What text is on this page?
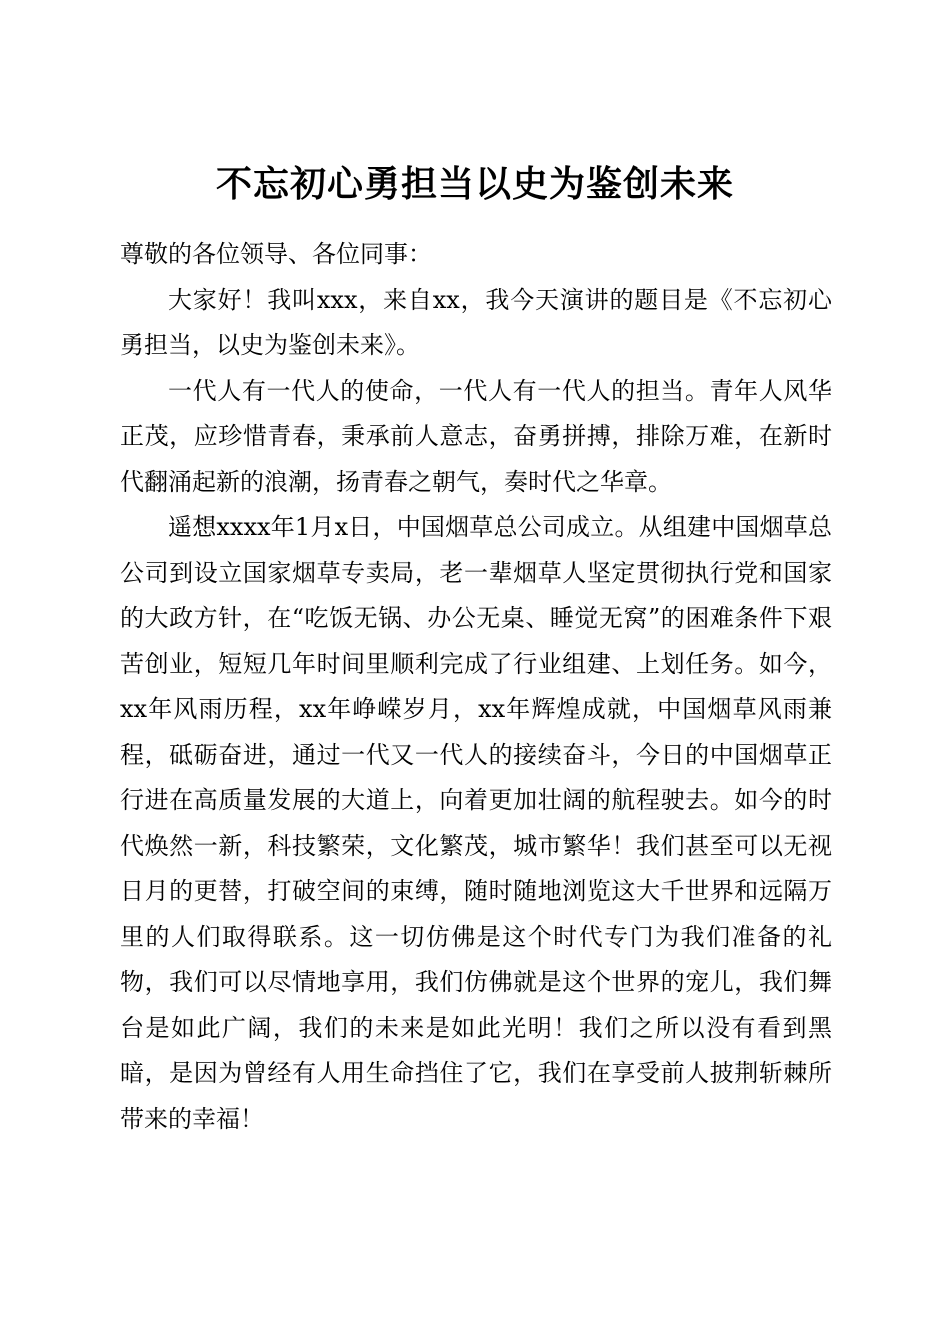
不忘初心勇担当以史为鉴创未来

尊敬的各位领导、各位同事：

大家好！我叫xxx，来自xx，我今天演讲的题目是《不忘初心勇担当，以史为鉴创未来》。

一代人有一代人的使命，一代人有一代人的担当。青年人风华正茂，应珍惜青春，秉承前人意志，奋勇拼搏，排除万难，在新时代翻涌起新的浪潮，扬青春之朝气，奏时代之华章。

遥想xxxx年1月x日，中国烟草总公司成立。从组建中国烟草总公司到设立国家烟草专卖局，老一辈烟草人坚定贯彻执行党和国家的大政方针，在“吃饭无锅、办公无桌、睡觉无窝”的困难条件下艰苦创业，短短几年时间里顺利完成了行业组建、上划任务。如今，xx年风雨历程，xx年峥嵘岁月，xx年辉煌成就，中国烟草风雨兼程，砥砺奋进，通过一代又一代人的接续奋斗，今日的中国烟草正行进在高质量发展的大道上，向着更加壮阔的航程驶去。如今的时代焕然一新，科技繁荣，文化繁茂，城市繁华！我们甚至可以无视日月的更替，打破空间的束缚，随时随地浏览这大千世界和远隔万里的人们取得联系。这一切仿佛是这个时代专门为我们准备的礼物，我们可以尽情地享用，我们仿佛就是这个世界的宠儿，我们舞台是如此广阔，我们的未来是如此光明！我们之所以没有看到黑暗，是因为曾经有人用生命挡住了它，我们在享受前人披荆斩棘所带来的幸福！
